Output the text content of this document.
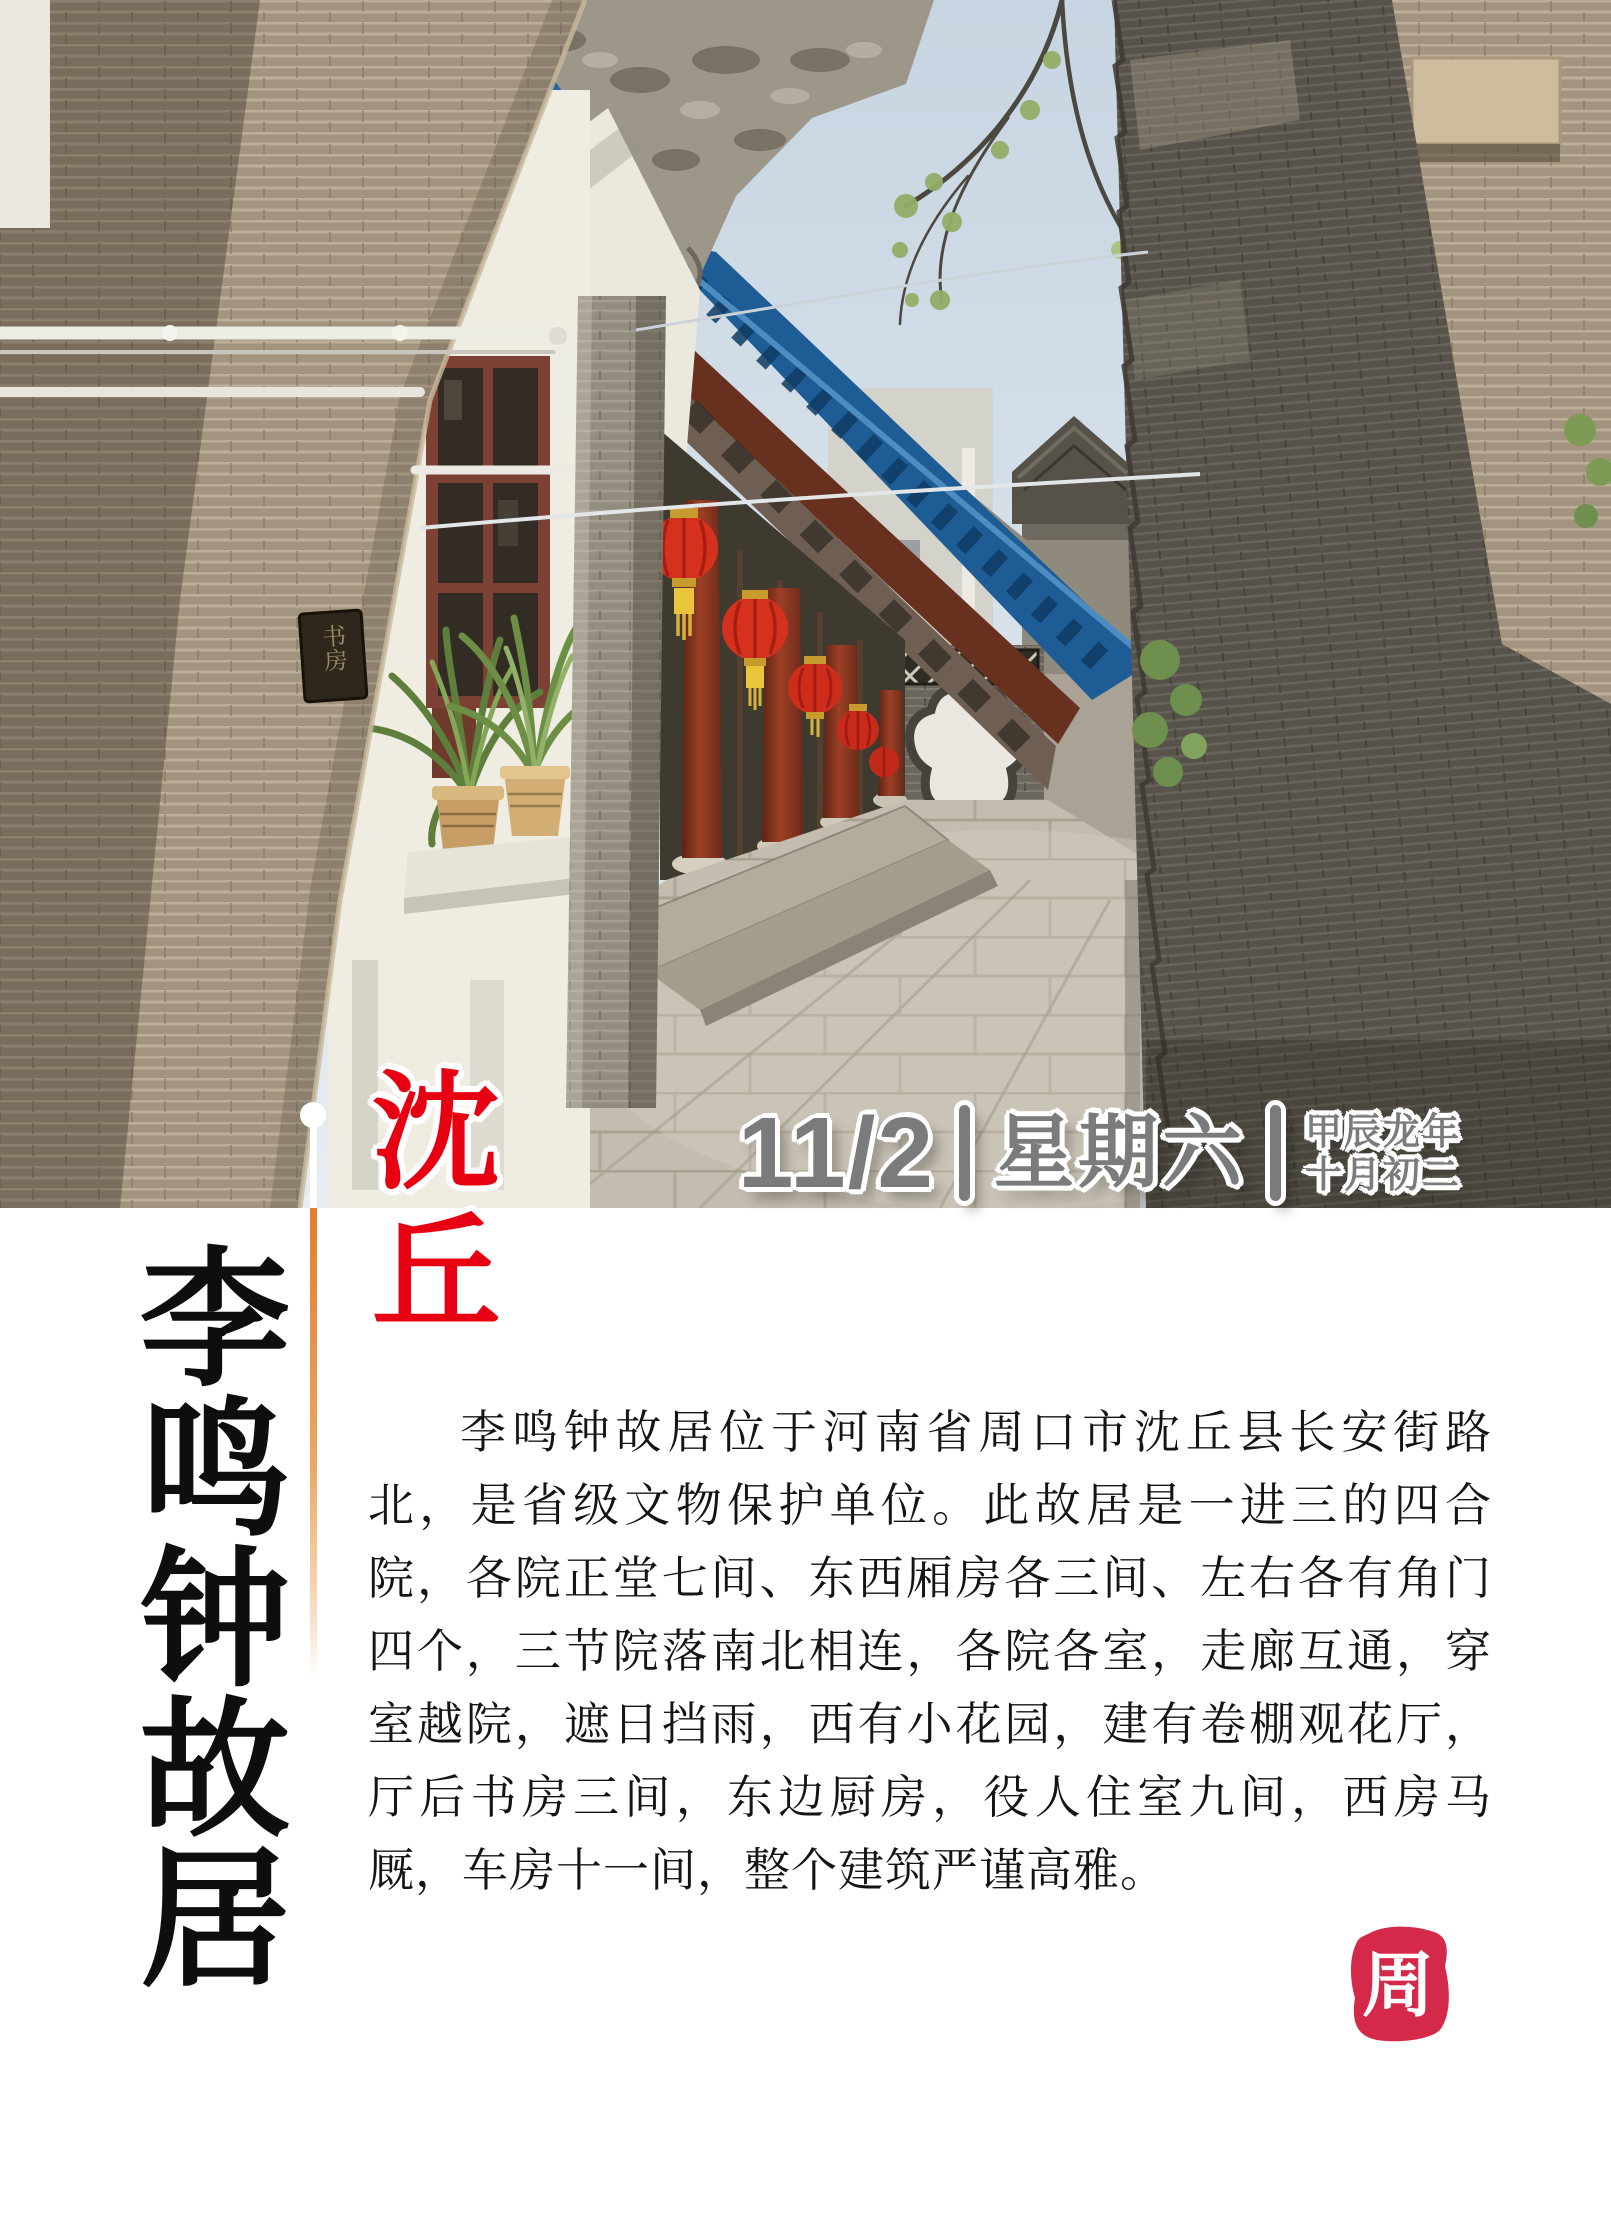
书房
11/2 星期六 甲辰龙年
十月初二
沈丘
李鸣钟故居	李鸣钟故居位于河南省周口市沈丘县长安街路北，是省级文物保护单位。此故居是一进三的四合院，各院正堂七间、东西厢房各三间、左右各有角门四个，三节院落南北相连，各院各室，走廊互通，穿室越院，遮日挡雨，西有小花园，建有卷棚观花厅，厅后书房三间，东边厨房，役人住室九间，西房马厩，车房十一间，整个建筑严谨高雅。

周
